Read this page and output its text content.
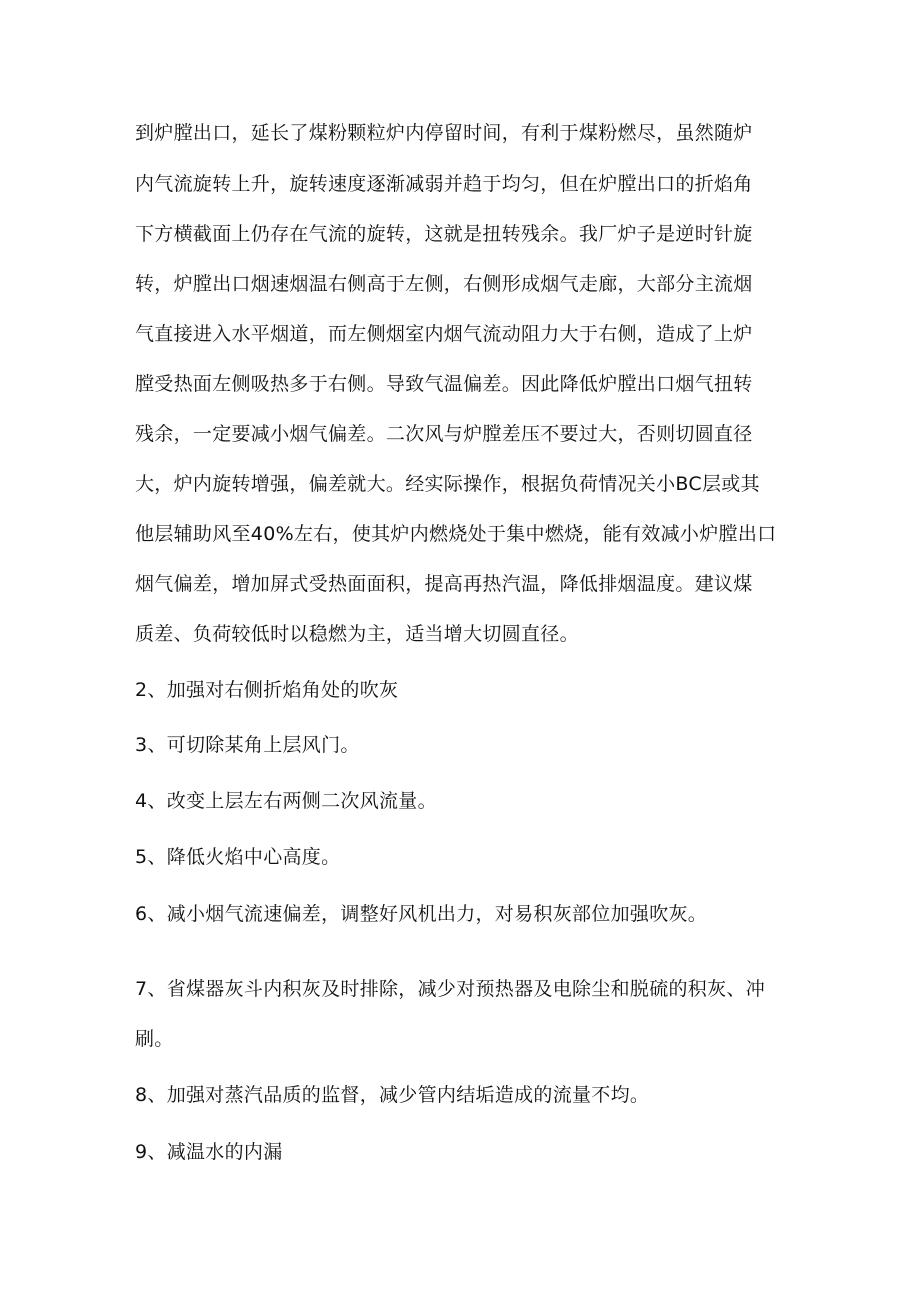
到炉膛出口，延长了煤粉颗粒炉内停留时间，有利于煤粉燃尽，虽然随炉
内气流旋转上升，旋转速度逐渐减弱并趋于均匀，但在炉膛出口的折焰角
下方横截面上仍存在气流的旋转，这就是扭转残余。我厂炉子是逆时针旋
转，炉膛出口烟速烟温右侧高于左侧，右侧形成烟气走廊，大部分主流烟
气直接进入水平烟道，而左侧烟室内烟气流动阻力大于右侧，造成了上炉
膛受热面左侧吸热多于右侧。导致气温偏差。因此降低炉膛出口烟气扭转
残余，一定要减小烟气偏差。二次风与炉膛差压不要过大，否则切圆直径
大，炉内旋转增强，偏差就大。经实际操作，根据负荷情况关小BC层或其
他层辅助风至40%左右，使其炉内燃烧处于集中燃烧，能有效减小炉膛出口
烟气偏差，增加屏式受热面面积，提高再热汽温，降低排烟温度。建议煤
质差、负荷较低时以稳燃为主，适当增大切圆直径。
2、加强对右侧折焰角处的吹灰
3、可切除某角上层风门。
4、改变上层左右两侧二次风流量。
5、降低火焰中心高度。
6、减小烟气流速偏差，调整好风机出力，对易积灰部位加强吹灰。
7、省煤器灰斗内积灰及时排除，减少对预热器及电除尘和脱硫的积灰、冲
刷。
8、加强对蒸汽品质的监督，减少管内结垢造成的流量不均。
9、减温水的内漏
